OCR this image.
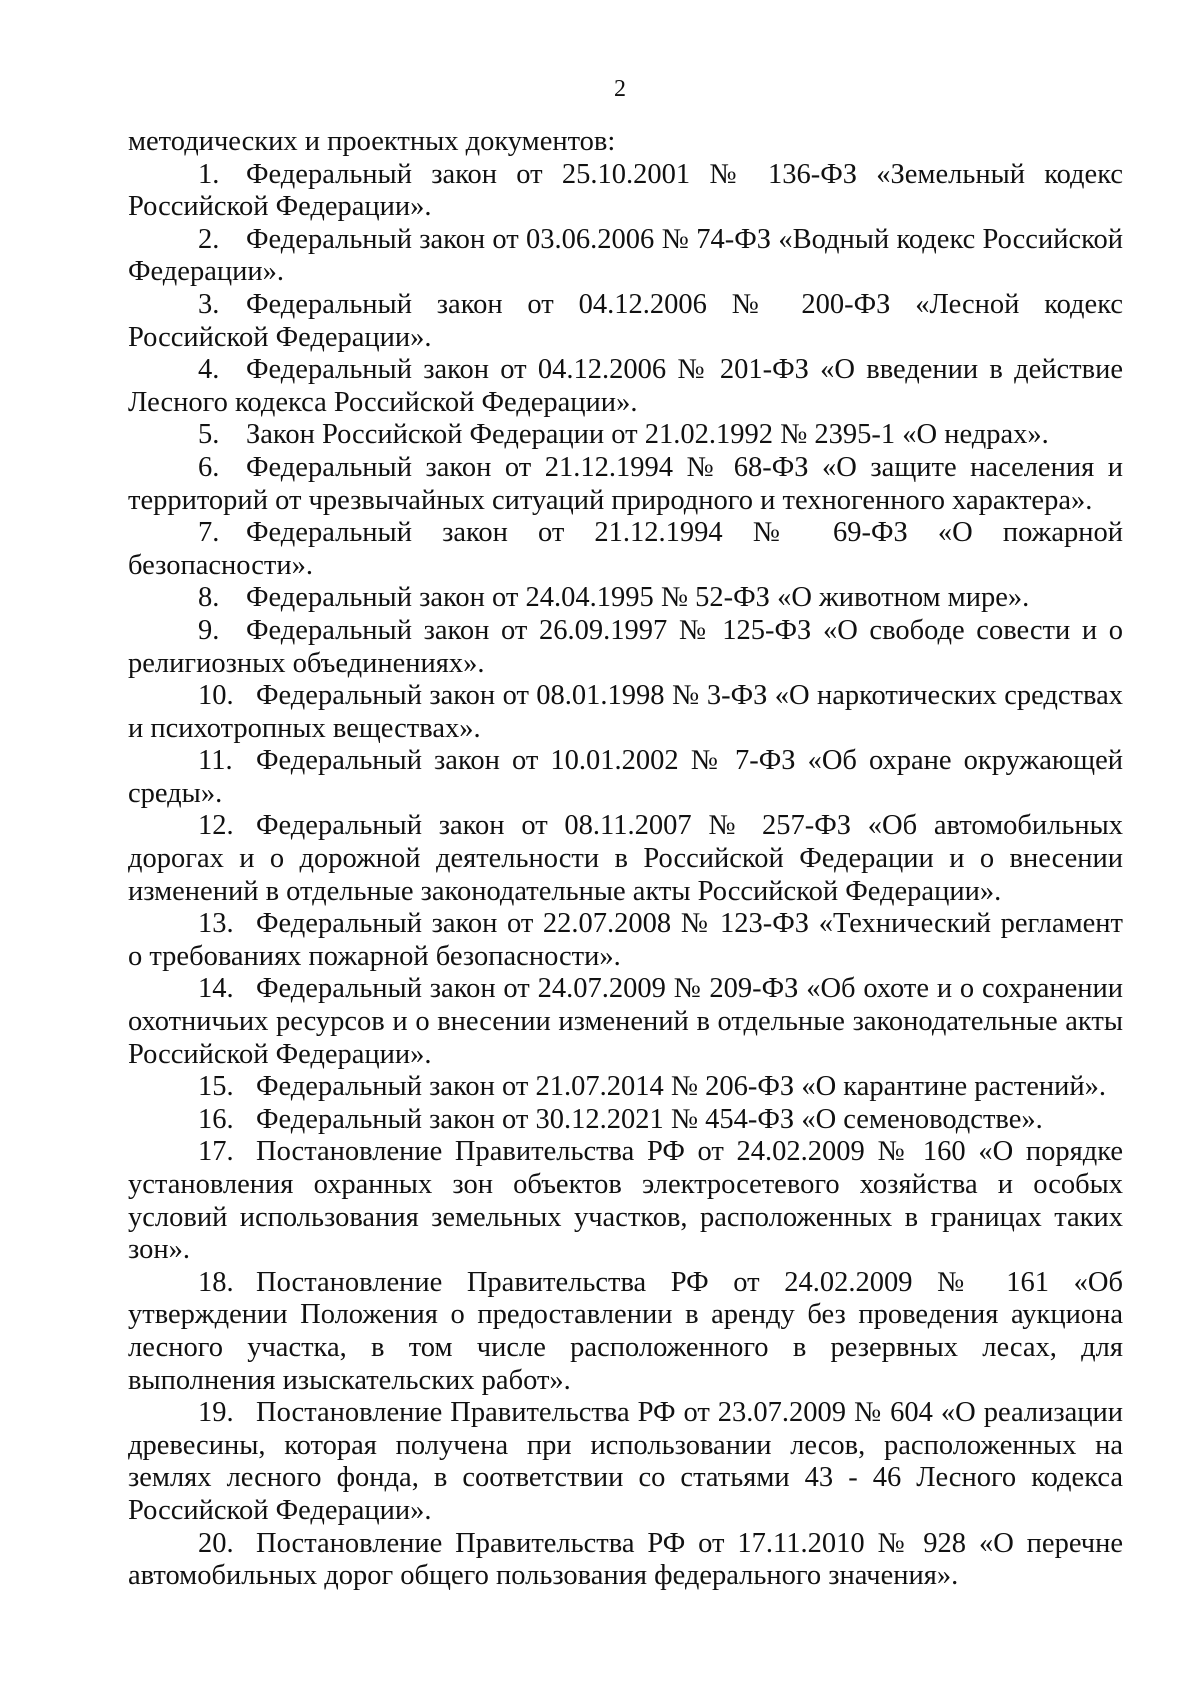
2

методических и проектных документов:

1. Федеральный закон от 25.10.2001 № 136-ФЗ «Земельный кодекс Российской Федерации».

2. Федеральный закон от 03.06.2006 № 74-ФЗ «Водный кодекс Российской Федерации».

3. Федеральный закон от 04.12.2006 № 200-ФЗ «Лесной кодекс Российской Федерации».

4. Федеральный закон от 04.12.2006 № 201-ФЗ «О введении в действие Лесного кодекса Российской Федерации».

5. Закон Российской Федерации от 21.02.1992 № 2395-1 «О недрах».

6. Федеральный закон от 21.12.1994 № 68-ФЗ «О защите населения и территорий от чрезвычайных ситуаций природного и техногенного характера».

7. Федеральный закон от 21.12.1994 № 69-ФЗ «О пожарной безопасности».

8. Федеральный закон от 24.04.1995 № 52-ФЗ «О животном мире».

9. Федеральный закон от 26.09.1997 № 125-ФЗ «О свободе совести и о религиозных объединениях».

10. Федеральный закон от 08.01.1998 № 3-ФЗ «О наркотических средствах и психотропных веществах».

11. Федеральный закон от 10.01.2002 № 7-ФЗ «Об охране окружающей среды».

12. Федеральный закон от 08.11.2007 № 257-ФЗ «Об автомобильных дорогах и о дорожной деятельности в Российской Федерации и о внесении изменений в отдельные законодательные акты Российской Федерации».

13. Федеральный закон от 22.07.2008 № 123-ФЗ «Технический регламент о требованиях пожарной безопасности».

14. Федеральный закон от 24.07.2009 № 209-ФЗ «Об охоте и о сохранении охотничьих ресурсов и о внесении изменений в отдельные законодательные акты Российской Федерации».

15. Федеральный закон от 21.07.2014 № 206-ФЗ «О карантине растений».

16. Федеральный закон от 30.12.2021 № 454-ФЗ «О семеноводстве».

17. Постановление Правительства РФ от 24.02.2009 № 160 «О порядке установления охранных зон объектов электросетевого хозяйства и особых условий использования земельных участков, расположенных в границах таких зон».

18. Постановление Правительства РФ от 24.02.2009 № 161 «Об утверждении Положения о предоставлении в аренду без проведения аукциона лесного участка, в том числе расположенного в резервных лесах, для выполнения изыскательских работ».

19. Постановление Правительства РФ от 23.07.2009 № 604 «О реализации древесины, которая получена при использовании лесов, расположенных на землях лесного фонда, в соответствии со статьями 43 - 46 Лесного кодекса Российской Федерации».

20. Постановление Правительства РФ от 17.11.2010 № 928 «О перечне автомобильных дорог общего пользования федерального значения».
